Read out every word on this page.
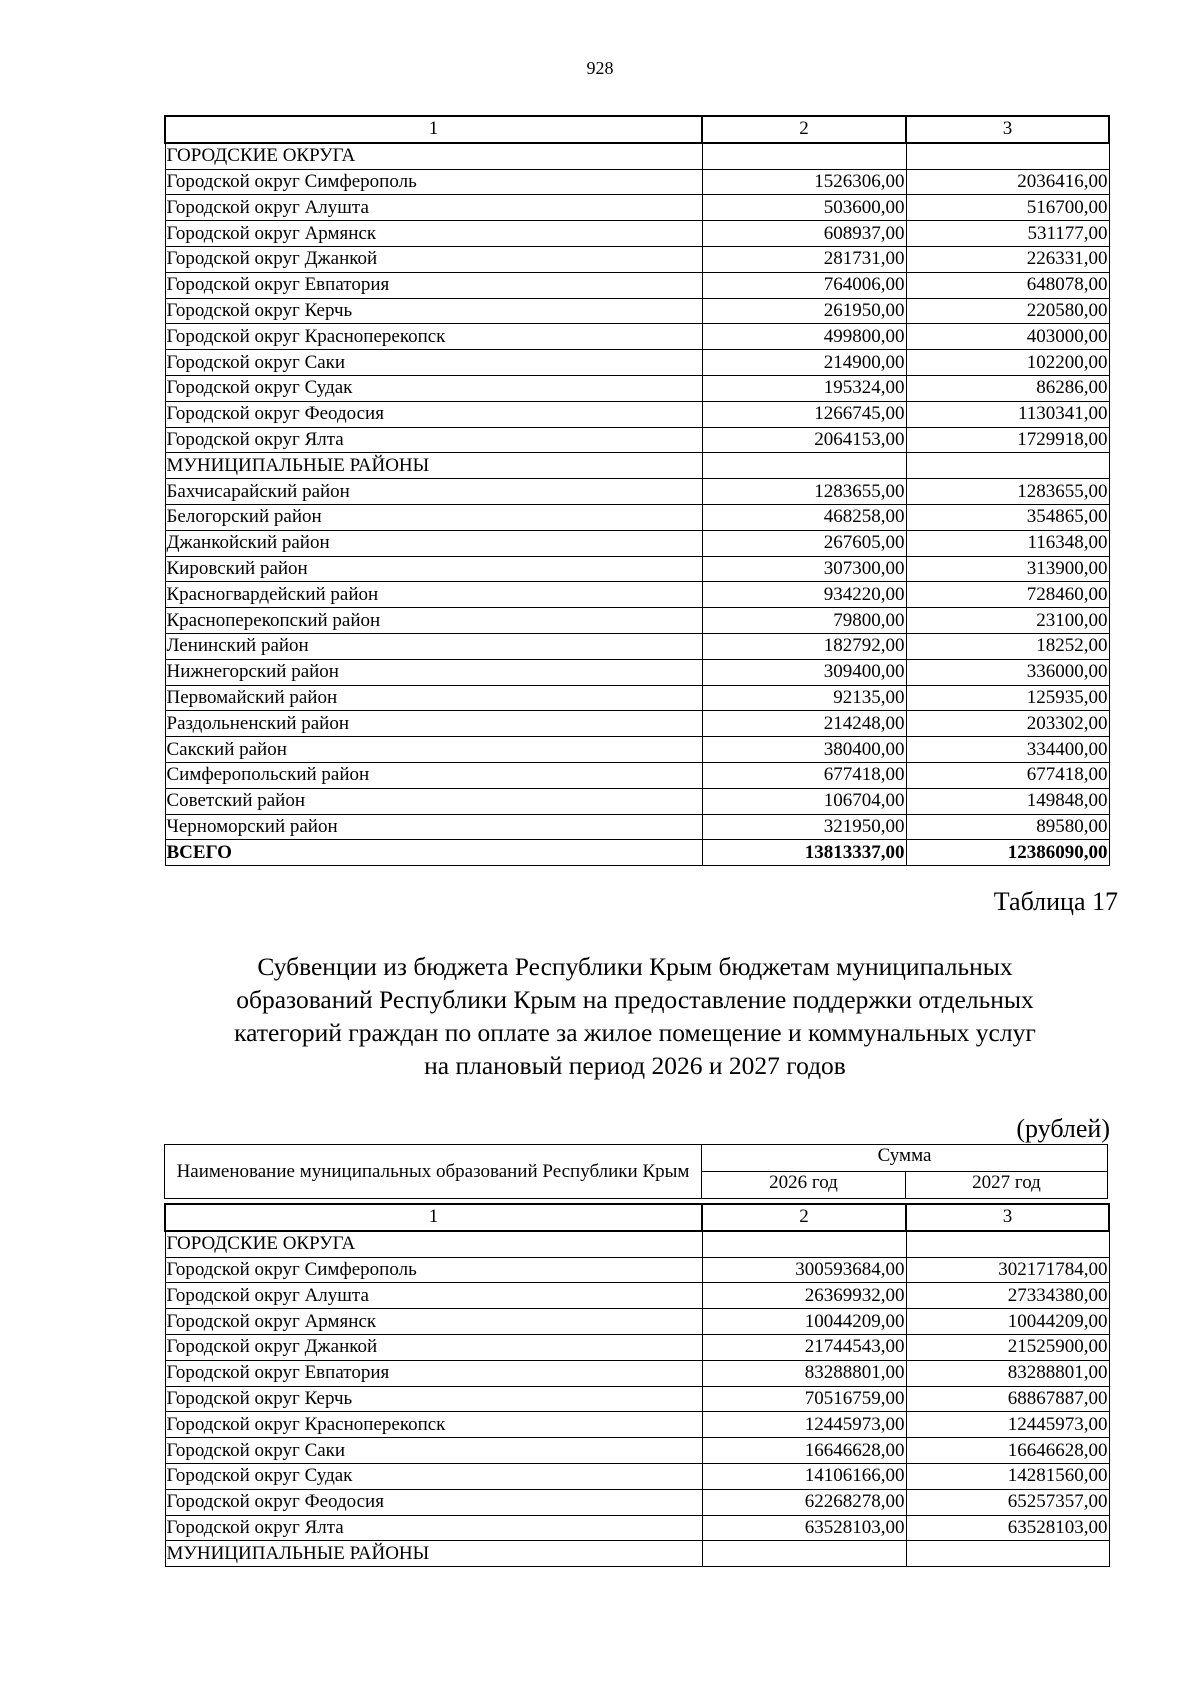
928
1	2	3
ГОРОДСКИЕ ОКРУГА		
Городской округ Симферополь	1526306,00	2036416,00
Городской округ Алушта	503600,00	516700,00
Городской округ Армянск	608937,00	531177,00
Городской округ Джанкой	281731,00	226331,00
Городской округ Евпатория	764006,00	648078,00
Городской округ Керчь	261950,00	220580,00
Городской округ Красноперекопск	499800,00	403000,00
Городской округ Саки	214900,00	102200,00
Городской округ Судак	195324,00	86286,00
Городской округ Феодосия	1266745,00	1130341,00
Городской округ Ялта	2064153,00	1729918,00
МУНИЦИПАЛЬНЫЕ РАЙОНЫ		
Бахчисарайский район	1283655,00	1283655,00
Белогорский район	468258,00	354865,00
Джанкойский район	267605,00	116348,00
Кировский район	307300,00	313900,00
Красногвардейский район	934220,00	728460,00
Красноперекопский район	79800,00	23100,00
Ленинский район	182792,00	18252,00
Нижнегорский район	309400,00	336000,00
Первомайский район	92135,00	125935,00
Раздольненский район	214248,00	203302,00
Сакский район	380400,00	334400,00
Симферопольский район	677418,00	677418,00
Советский район	106704,00	149848,00
Черноморский район	321950,00	89580,00
ВСЕГО	13813337,00	12386090,00
Таблица 17
Субвенции из бюджета Республики Крым бюджетам муниципальных
образований Республики Крым на предоставление поддержки отдельных
категорий граждан по оплате за жилое помещение и коммунальных услуг
на плановый период 2026 и 2027 годов
(рублей)
Наименование муниципальных образований Республики Крым
Сумма
2026 год	2027 год
1	2	3
ГОРОДСКИЕ ОКРУГА		
Городской округ Симферополь	300593684,00	302171784,00
Городской округ Алушта	26369932,00	27334380,00
Городской округ Армянск	10044209,00	10044209,00
Городской округ Джанкой	21744543,00	21525900,00
Городской округ Евпатория	83288801,00	83288801,00
Городской округ Керчь	70516759,00	68867887,00
Городской округ Красноперекопск	12445973,00	12445973,00
Городской округ Саки	16646628,00	16646628,00
Городской округ Судак	14106166,00	14281560,00
Городской округ Феодосия	62268278,00	65257357,00
Городской округ Ялта	63528103,00	63528103,00
МУНИЦИПАЛЬНЫЕ РАЙОНЫ		
